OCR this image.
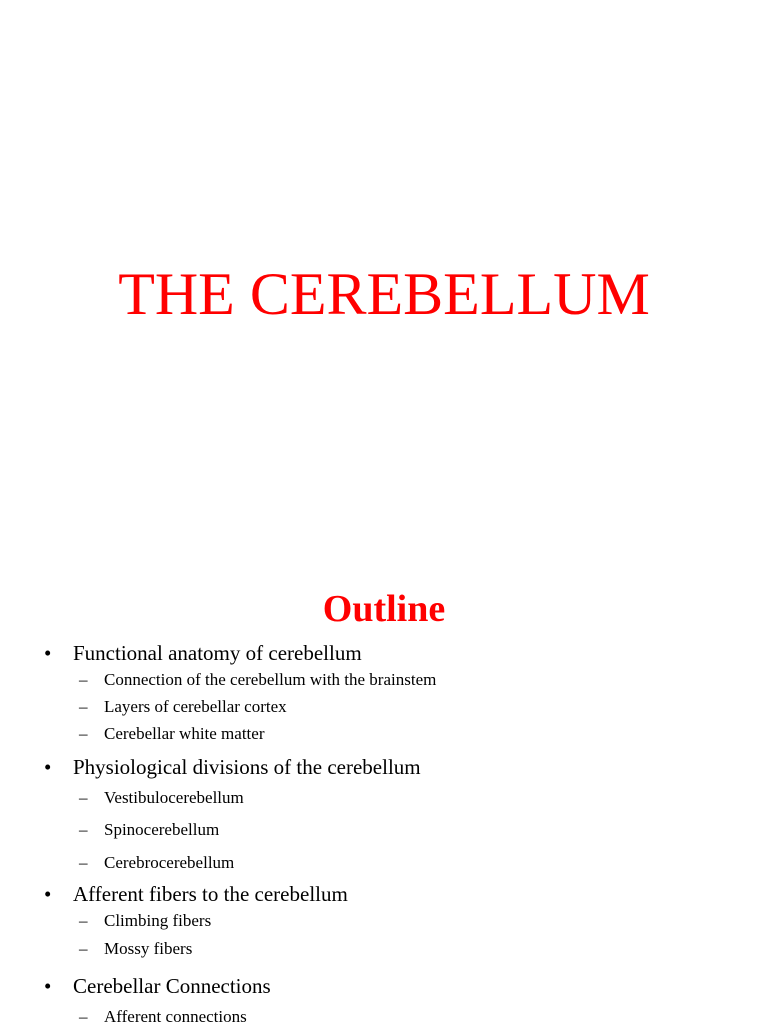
THE CEREBELLUM
Outline
• Functional anatomy of cerebellum
– Connection of the cerebellum with the brainstem
– Layers of cerebellar cortex
– Cerebellar white matter
• Physiological divisions of the cerebellum
– Vestibulocerebellum
– Spinocerebellum
– Cerebrocerebellum
• Afferent fibers to the cerebellum
– Climbing fibers
– Mossy fibers
• Cerebellar Connections
– Afferent connections
